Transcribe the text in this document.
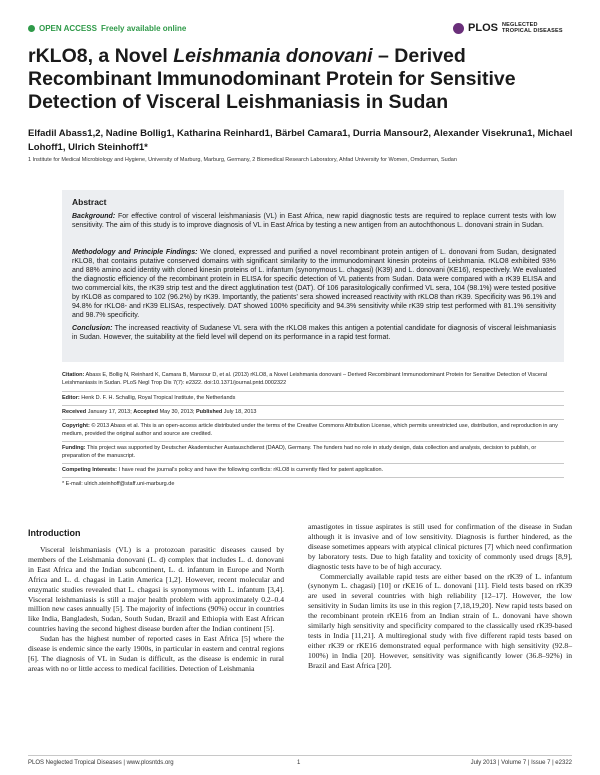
OPEN ACCESS Freely available online	PLOS NEGLECTED
TROPICAL DISEASES
rKLO8, a Novel Leishmania donovani – Derived Recombinant Immunodominant Protein for Sensitive Detection of Visceral Leishmaniasis in Sudan
Elfadil Abass1,2, Nadine Bollig1, Katharina Reinhard1, Bärbel Camara1, Durria Mansour2, Alexander Visekruna1, Michael Lohoff1, Ulrich Steinhoff1*
1 Institute for Medical Microbiology and Hygiene, University of Marburg, Marburg, Germany, 2 Biomedical Research Laboratory, Ahfad University for Women, Omdurman, Sudan
Abstract
Background: For effective control of visceral leishmaniasis (VL) in East Africa, new rapid diagnostic tests are required to replace current tests with low sensitivity. The aim of this study is to improve diagnosis of VL in East Africa by testing a new antigen from an autochthonous L. donovani strain in Sudan.
Methodology and Principle Findings: We cloned, expressed and purified a novel recombinant protein antigen of L. donovani from Sudan, designated rKLO8, that contains putative conserved domains with significant similarity to the immunodominant kinesin proteins of Leishmania. rKLO8 exhibited 93% and 88% amino acid identity with cloned kinesin proteins of L. infantum (synonymous L. chagasi) (K39) and L. donovani (KE16), respectively. We evaluated the diagnostic efficiency of the recombinant protein in ELISA for specific detection of VL patients from Sudan. Data were compared with a rK39 ELISA and two commercial kits, the rK39 strip test and the direct agglutination test (DAT). Of 106 parasitologically confirmed VL sera, 104 (98.1%) were tested positive by rKLO8 as compared to 102 (96.2%) by rK39. Importantly, the patients' sera showed increased reactivity with rKLO8 than rK39. Specificity was 96.1% and 94.8% for rKLO8- and rK39 ELISAs, respectively. DAT showed 100% specificity and 94.3% sensitivity while rK39 strip test performed with 81.1% sensitivity and 98.7% specificity.
Conclusion: The increased reactivity of Sudanese VL sera with the rKLO8 makes this antigen a potential candidate for diagnosis of visceral leishmaniasis in Sudan. However, the suitability at the field level will depend on its performance in a rapid test format.
Citation: Abass E, Bollig N, Reinhard K, Camara B, Mansour D, et al. (2013) rKLO8, a Novel Leishmania donovani – Derived Recombinant Immunodominant Protein for Sensitive Detection of Visceral Leishmaniasis in Sudan. PLoS Negl Trop Dis 7(7): e2322. doi:10.1371/journal.pntd.0002322
Editor: Henk D. F. H. Schallig, Royal Tropical Institute, the Netherlands
Received January 17, 2013; Accepted May 30, 2013; Published July 18, 2013
Copyright: © 2013 Abass et al. This is an open-access article distributed under the terms of the Creative Commons Attribution License, which permits unrestricted use, distribution, and reproduction in any medium, provided the original author and source are credited.
Funding: This project was supported by Deutscher Akademischer Austauschdienst (DAAD), Germany. The funders had no role in study design, data collection and analysis, decision to publish, or preparation of the manuscript.
Competing Interests: I have read the journal's policy and have the following conflicts: rKLO8 is currently filed for patent application.
* E-mail: ulrich.steinhoff@staff.uni-marburg.de
Introduction

Visceral leishmaniasis (VL) is a protozoan parasitic diseases caused by members of the Leishmania donovani (L. d) complex that includes L. d. donovani in East Africa and the Indian subcontinent, L. d. infantum in Europe and North Africa and L. d. chagasi in Latin America [1,2]. However, recent molecular and enzymatic studies revealed that L. chagasi is synonymous with L. infantum [3,4]. Visceral leishmaniasis is still a major health problem with approximately 0.2–0.4 million new cases annually [5]. The majority of infections (90%) occur in countries like India, Bangladesh, Sudan, South Sudan, Brazil and Ethiopia with East African countries having the second highest disease burden after the Indian continent [5].

Sudan has the highest number of reported cases in East Africa [5] where the disease is endemic since the early 1900s, in particular in eastern and central regions [6]. The diagnosis of VL in Sudan is difficult, as the disease is endemic in rural areas with no or little access to medical facilities. Detection of Leishmania

amastigotes in tissue aspirates is still used for confirmation of the disease in Sudan although it is invasive and of low sensitivity. Diagnosis is further hindered, as the disease sometimes appears with atypical clinical pictures [7] which need confirmation by laboratory tests. Due to high fatality and toxicity of commonly used drugs [8,9], diagnostic tests have to be of high accuracy.

Commercially available rapid tests are either based on the rK39 of L. infantum (synonym L. chagasi) [10] or rKE16 of L. donovani [11]. Field tests based on rK39 are used in several countries with high reliability [12–17]. However, the low sensitivity in Sudan limits its use in this region [7,18,19,20]. New rapid tests based on the recombinant protein rKE16 from an Indian strain of L. donovani have shown similarly high sensitivity and specificity compared to the classically used rK39-based tests in India [11,21]. A multiregional study with five different rapid tests based on either rK39 or rKE16 demonstrated equal performance with high sensitivity (92.8–100%) in India [20]. However, sensitivity was significantly lower (36.8–92%) in Brazil and East Africa [20].

PLOS Neglected Tropical Diseases | www.plosntds.org	1	July 2013 | Volume 7 | Issue 7 | e2322
